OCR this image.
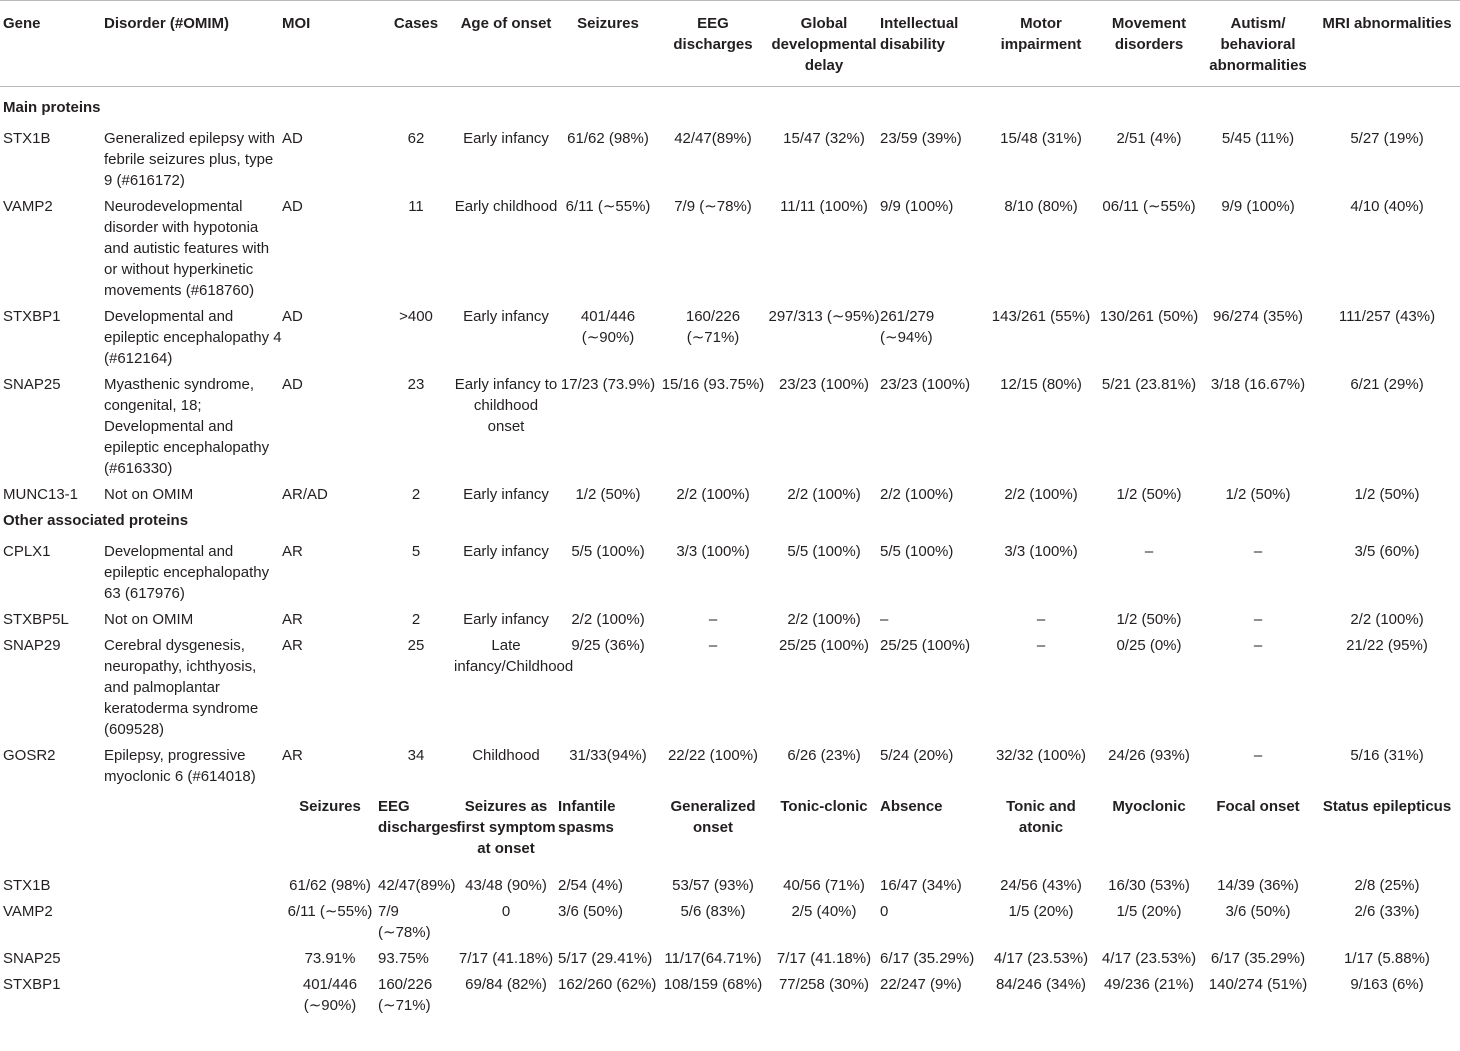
Gene	Disorder (#OMIM)	MOI	Cases	Age of onset	Seizures	EEG discharges	Global developmental delay	Intellectual disability	Motor impairment	Movement disorders	Autism/ behavioral abnormalities	MRI abnormalities
Main proteins												
STX1B	Generalized epilepsy with febrile seizures plus, type 9 (#616172)	AD	62	Early infancy	61/62 (98%)	42/47(89%)	15/47 (32%)	23/59 (39%)	15/48 (31%)	2/51 (4%)	5/45 (11%)	5/27 (19%)
VAMP2	Neurodevelopmental disorder with hypotonia and autistic features with or without hyperkinetic movements (#618760)	AD	11	Early childhood	6/11 (∼55%)	7/9 (∼78%)	11/11 (100%)	9/9 (100%)	8/10 (80%)	06/11 (∼55%)	9/9 (100%)	4/10 (40%)
STXBP1	Developmental and epileptic encephalopathy 4 (#612164)	AD	>400	Early infancy	401/446 (∼90%)	160/226 (∼71%)	297/313 (∼95%)	261/279 (∼94%)	143/261 (55%)	130/261 (50%)	96/274 (35%)	111/257 (43%)
SNAP25	Myasthenic syndrome, congenital, 18; Developmental and epileptic encephalopathy (#616330)	AD	23	Early infancy to childhood onset	17/23 (73.9%)	15/16 (93.75%)	23/23 (100%)	23/23 (100%)	12/15 (80%)	5/21 (23.81%)	3/18 (16.67%)	6/21 (29%)
MUNC13-1	Not on OMIM	AR/AD	2	Early infancy	1/2 (50%)	2/2 (100%)	2/2 (100%)	2/2 (100%)	2/2 (100%)	1/2 (50%)	1/2 (50%)	1/2 (50%)
Other associated proteins												
CPLX1	Developmental and epileptic encephalopathy 63 (617976)	AR	5	Early infancy	5/5 (100%)	3/3 (100%)	5/5 (100%)	5/5 (100%)	3/3 (100%)	–	–	3/5 (60%)
STXBP5L	Not on OMIM	AR	2	Early infancy	2/2 (100%)	–	2/2 (100%)	–	–	1/2 (50%)	–	2/2 (100%)
SNAP29	Cerebral dysgenesis, neuropathy, ichthyosis, and palmoplantar keratoderma syndrome (609528)	AR	25	Late infancy/Childhood	9/25 (36%)	–	25/25 (100%)	25/25 (100%)	–	0/25 (0%)	–	21/22 (95%)
GOSR2	Epilepsy, progressive myoclonic 6 (#614018)	AR	34	Childhood	31/33(94%)	22/22 (100%)	6/26 (23%)	5/24 (20%)	32/32 (100%)	24/26 (93%)	–	5/16 (31%)
		Seizures	EEG discharges	Seizures as first symptom at onset	Infantile spasms	Generalized onset	Tonic-clonic	Absence	Tonic and atonic	Myoclonic	Focal onset	Status epilepticus
STX1B		61/62 (98%)	42/47(89%)	43/48 (90%)	2/54 (4%)	53/57 (93%)	40/56 (71%)	16/47 (34%)	24/56 (43%)	16/30 (53%)	14/39 (36%)	2/8 (25%)
VAMP2		6/11 (∼55%)	7/9 (∼78%)	0	3/6 (50%)	5/6 (83%)	2/5 (40%)	0	1/5 (20%)	1/5 (20%)	3/6 (50%)	2/6 (33%)
SNAP25		73.91%	93.75%	7/17 (41.18%)	5/17 (29.41%)	11/17(64.71%)	7/17 (41.18%)	6/17 (35.29%)	4/17 (23.53%)	4/17 (23.53%)	6/17 (35.29%)	1/17 (5.88%)
STXBP1		401/446 (∼90%)	160/226 (∼71%)	69/84 (82%)	162/260 (62%)	108/159 (68%)	77/258 (30%)	22/247 (9%)	84/246 (34%)	49/236 (21%)	140/274 (51%)	9/163 (6%)
